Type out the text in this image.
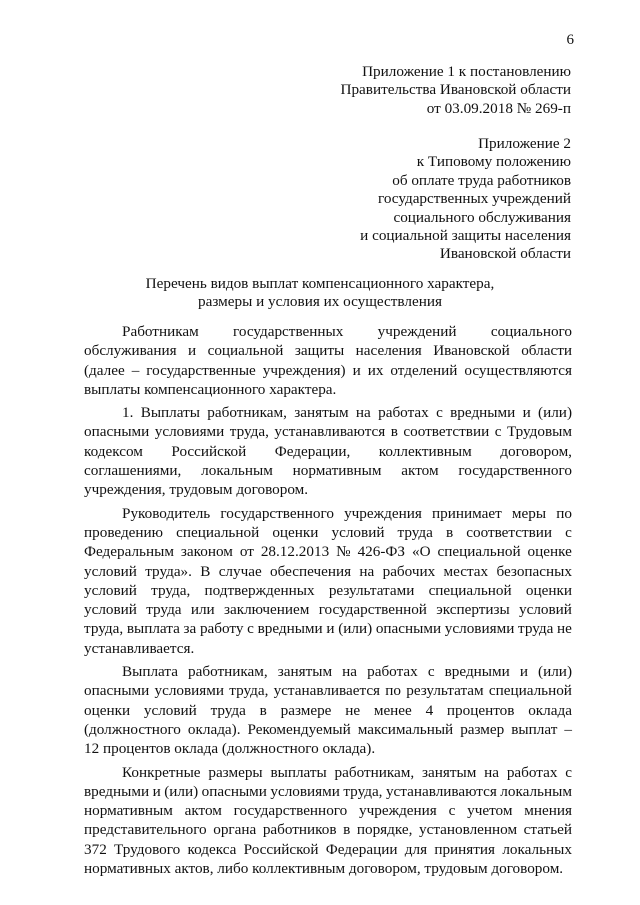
6
Приложение 1 к постановлению
Правительства Ивановской области
от 03.09.2018 № 269-п
Приложение 2
к Типовому положению
об оплате труда работников
государственных учреждений
социального обслуживания
и социальной защиты населения
Ивановской области
Перечень видов выплат компенсационного характера,
размеры и условия их осуществления
Работникам государственных учреждений социального
обслуживания и социальной защиты населения Ивановской области
(далее – государственные учреждения) и их отделений осуществляются
выплаты компенсационного характера.
1. Выплаты работникам, занятым на работах с вредными и (или)
опасными условиями труда, устанавливаются в соответствии с Трудовым
кодексом Российской Федерации, коллективным договором,
соглашениями, локальным нормативным актом государственного
учреждения, трудовым договором.
Руководитель государственного учреждения принимает меры по
проведению специальной оценки условий труда в соответствии с
Федеральным законом от 28.12.2013 № 426-ФЗ «О специальной оценке
условий труда». В случае обеспечения на рабочих местах безопасных
условий труда, подтвержденных результатами специальной оценки
условий труда или заключением государственной экспертизы условий
труда, выплата за работу с вредными и (или) опасными условиями труда не
устанавливается.
Выплата работникам, занятым на работах с вредными и (или)
опасными условиями труда, устанавливается по результатам специальной
оценки условий труда в размере не менее 4 процентов оклада
(должностного оклада). Рекомендуемый максимальный размер выплат –
12 процентов оклада (должностного оклада).
Конкретные размеры выплаты работникам, занятым на работах с
вредными и (или) опасными условиями труда, устанавливаются локальным
нормативным актом государственного учреждения с учетом мнения
представительного органа работников в порядке, установленном статьей
372 Трудового кодекса Российской Федерации для принятия локальных
нормативных актов, либо коллективным договором, трудовым договором.
